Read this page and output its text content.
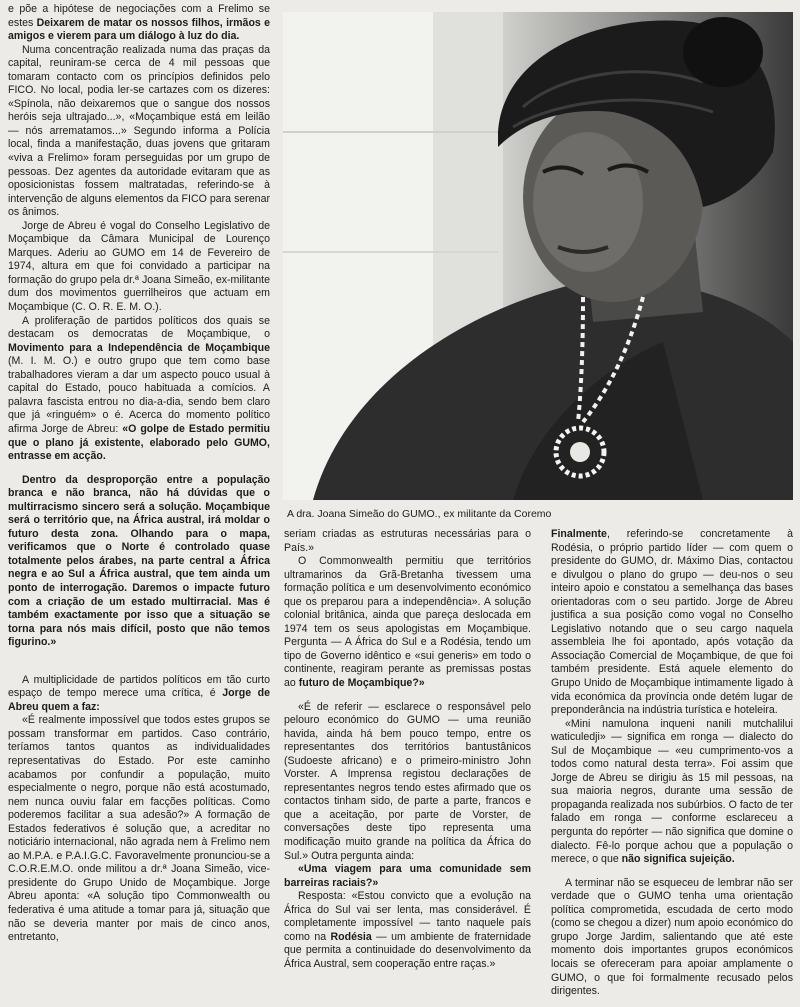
e põe a hipótese de negociações com a Frelimo se estes Deixarem de matar os nossos filhos, irmãos e amigos e vierem para um diálogo à luz do dia.

Numa concentração realizada numa das praças da capital, reuniram-se cerca de 4 mil pessoas que tomaram contacto com os princípios definidos pelo FICO. No local, podia ler-se cartazes com os dizeres: «Spínola, não deixaremos que o sangue dos nossos heróis seja ultrajado...», «Moçambique está em leilão — nós arrematamos...» Segundo informa a Polícia local, finda a manifestação, duas jovens que gritaram «viva a Frelimo» foram perseguidas por um grupo de pessoas. Dez agentes da autoridade evitaram que as oposicionistas fossem maltratadas, referindo-se à intervenção de alguns elementos da FICO para serenar os ânimos.

Jorge de Abreu é vogal do Conselho Legislativo de Moçambique da Câmara Municipal de Lourenço Marques. Aderiu ao GUMO em 14 de Fevereiro de 1974, altura em que foi convidado a participar na formação do grupo pela dr.ª Joana Simeão, ex-militante dum dos movimentos guerrilheiros que actuam em Moçambique (C. O. R. E. M. O.).

A proliferação de partidos políticos dos quais se destacam os democratas de Moçambique, o Movimento para a Independência de Moçambique (M. I. M. O.) e outro grupo que tem como base trabalhadores vieram a dar um aspecto pouco usual à capital do Estado, pouco habituada a comícios. A palavra fascista entrou no dia-a-dia, sendo bem claro que já «ringuém» o é. Acerca do momento político afirma Jorge de Abreu: «O golpe de Estado permitiu que o plano já existente, elaborado pelo GUMO, entrasse em acção.

Dentro da desproporção entre a população branca e não branca, não há dúvidas que o multirracismo sincero será a solução. Moçambique será o território que, na África austral, irá moldar o futuro desta zona. Olhando para o mapa, verificamos que o Norte é controlado quase totalmente pelos árabes, na parte central a África negra e ao Sul a África austral, que tem ainda um ponto de interrogação. Daremos o impacte futuro com a criação de um estado multirracial. Mas é também exactamente por isso que a situação se torna para nós mais difícil, posto que não temos figurino.»

A multiplicidade de partidos políticos em tão curto espaço de tempo merece uma crítica, é Jorge de Abreu quem a faz:

«É realmente impossível que todos estes grupos se possam transformar em partidos. Caso contrário, teríamos tantos quantos as individualidades representativas do Estado. Por este caminho acabamos por confundir a população, muito especialmente o negro, porque não está acostumado, nem nunca ouviu falar em facções políticas. Como poderemos facilitar a sua adesão?» A formação de Estados federativos é solução que, a acreditar no noticiário internacional, não agrada nem à Frelimo nem ao M.P.A. e P.A.I.G.C. Favoravelmente pronunciou-se a C.O.R.E.M.O. onde militou a dr.ª Joana Simeão, vice-presidente do Grupo Unido de Moçambique. Jorge Abreu aponta: «A solução tipo Commonwealth ou federativa é uma atitude a tomar para já, situação que não se deveria manter por mais de cinco anos, entretanto,

A dra. Joana Simeão do GUMO., ex militante da Coremo

seriam criadas as estruturas necessárias para o País.»

O Commonwealth permitiu que territórios ultramarinos da Grã-Bretanha tivessem uma formação política e um desenvolvimento económico que os preparou para a independência». A solução colonial britânica, ainda que pareça deslocada em 1974 tem os seus apologistas em Moçambique. Pergunta — A África do Sul e a Rodésia, tendo um tipo de Governo idêntico e «sui generis» em todo o continente, reagiram perante as premissas postas ao futuro de Moçambique?»

«É de referir — esclarece o responsável pelo pelouro económico do GUMO — uma reunião havida, ainda há bem pouco tempo, entre os representantes dos territórios bantustânicos (Sudoeste africano) e o primeiro-ministro John Vorster. A Imprensa registou declarações de representantes negros tendo estes afirmado que os contactos tinham sido, de parte a parte, francos e que a aceitação, por parte de Vorster, de conversações deste tipo representa uma modificação muito grande na política da África do Sul.» Outra pergunta ainda:

«Uma viagem para uma comunidade sem barreiras raciais?»

Resposta: «Estou convicto que a evolução na África do Sul vai ser lenta, mas considerável. É completamente impossível — tanto naquele país como na Rodésia — um ambiente de fraternidade que permita a continuidade do desenvolvimento da África Austral, sem cooperação entre raças.»

Finalmente, referindo-se concretamente à Rodésia, o próprio partido líder — com quem o presidente do GUMO, dr. Máximo Dias, contactou e divulgou o plano do grupo — deu-nos o seu inteiro apoio e constatou a semelhança das bases orientadoras com o seu partido. Jorge de Abreu justifica a sua posição como vogal no Conselho Legislativo notando que o seu cargo naquela assembleia lhe foi apontado, após votação da Associação Comercial de Moçambique, de que foi também presidente. Está aquele elemento do Grupo Unido de Moçambique intimamente ligado à vida económica da província onde detém lugar de preponderância na indústria turística e hoteleira.

«Mini namulona inqueni nanili mutchalilui waticuledji» — significa em ronga — dialecto do Sul de Moçambique — «eu cumprimento-vos a todos como natural desta terra». Foi assim que Jorge de Abreu se dirigiu às 15 mil pessoas, na sua maioria negros, durante uma sessão de propaganda realizada nos subúrbios. O facto de ter falado em ronga — conforme esclareceu a pergunta do repórter — não significa que domine o dialecto. Fê-lo porque achou que a população o merece, o que não significa sujeição.

A terminar não se esqueceu de lembrar não ser verdade que o GUMO tenha uma orientação política comprometida, escudada de certo modo (como se chegou a dizer) num apoio económico do grupo Jorge Jardim, salientando que até este momento dois importantes grupos económicos locais se ofereceram para apoiar amplamente o GUMO, o que foi formalmente recusado pelos dirigentes.
